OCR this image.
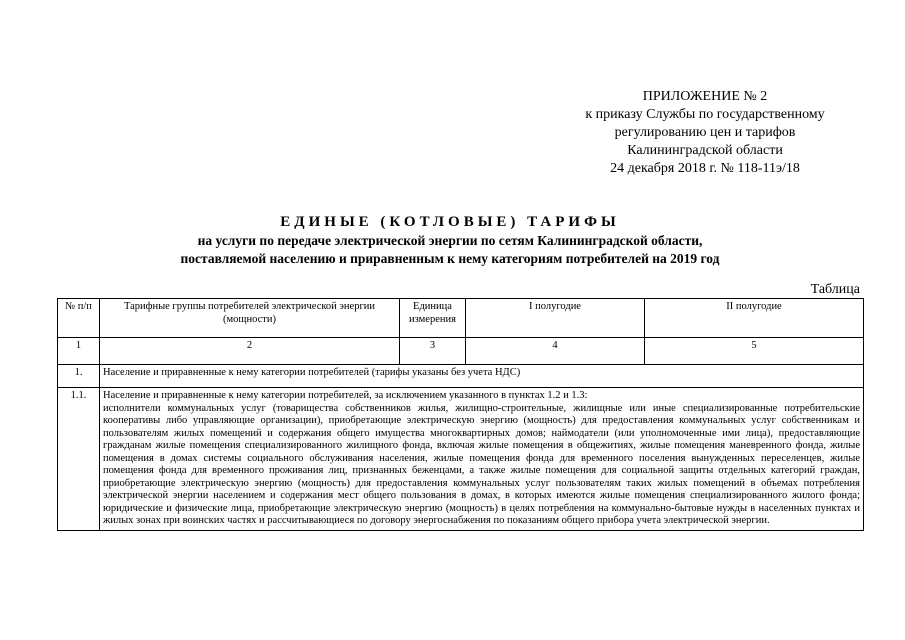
ПРИЛОЖЕНИЕ № 2
к приказу Службы по государственному
регулированию цен и тарифов
Калининградской области
24 декабря 2018 г. № 118-11э/18
ЕДИНЫЕ (КОТЛОВЫЕ) ТАРИФЫ
на услуги по передаче электрической энергии по сетям Калининградской области,
поставляемой населению и приравненным к нему категориям потребителей на 2019 год
Таблица
№ п/п	Тарифные группы потребителей электрической энергии (мощности)	Единица измерения	I полугодие	II полугодие
1	2	3	4	5
1.	Население и приравненные к нему категории потребителей (тарифы указаны без учета НДС)			
1.1.	Население и приравненные к нему категории потребителей, за исключением указанного в пунктах 1.2 и 1.3:

исполнители коммунальных услуг (товарищества собственников жилья, жилищно-строительные, жилищные или иные специализированные потребительские кооперативы либо управляющие организации), приобретающие электрическую энергию (мощность) для предоставления коммунальных услуг собственникам и пользователям жилых помещений и содержания общего имущества многоквартирных домов; наймодатели (или уполномоченные ими лица), предоставляющие гражданам жилые помещения специализированного жилищного фонда, включая жилые помещения в общежитиях, жилые помещения маневренного фонда, жилые помещения в домах системы социального обслуживания населения, жилые помещения фонда для временного поселения вынужденных переселенцев, жилые помещения фонда для временного проживания лиц, признанных беженцами, а также жилые помещения для социальной защиты отдельных категорий граждан, приобретающие электрическую энергию (мощность) для предоставления коммунальных услуг пользователям таких жилых помещений в объемах потребления электрической энергии населением и содержания мест общего пользования в домах, в которых имеются жилые помещения специализированного жилого фонда; юридические и физические лица, приобретающие электрическую энергию (мощность) в целях потребления на коммунально-бытовые нужды в населенных пунктах и жилых зонах при воинских частях и рассчитывающиеся по договору энергоснабжения по показаниям общего прибора учета электрической энергии.			
